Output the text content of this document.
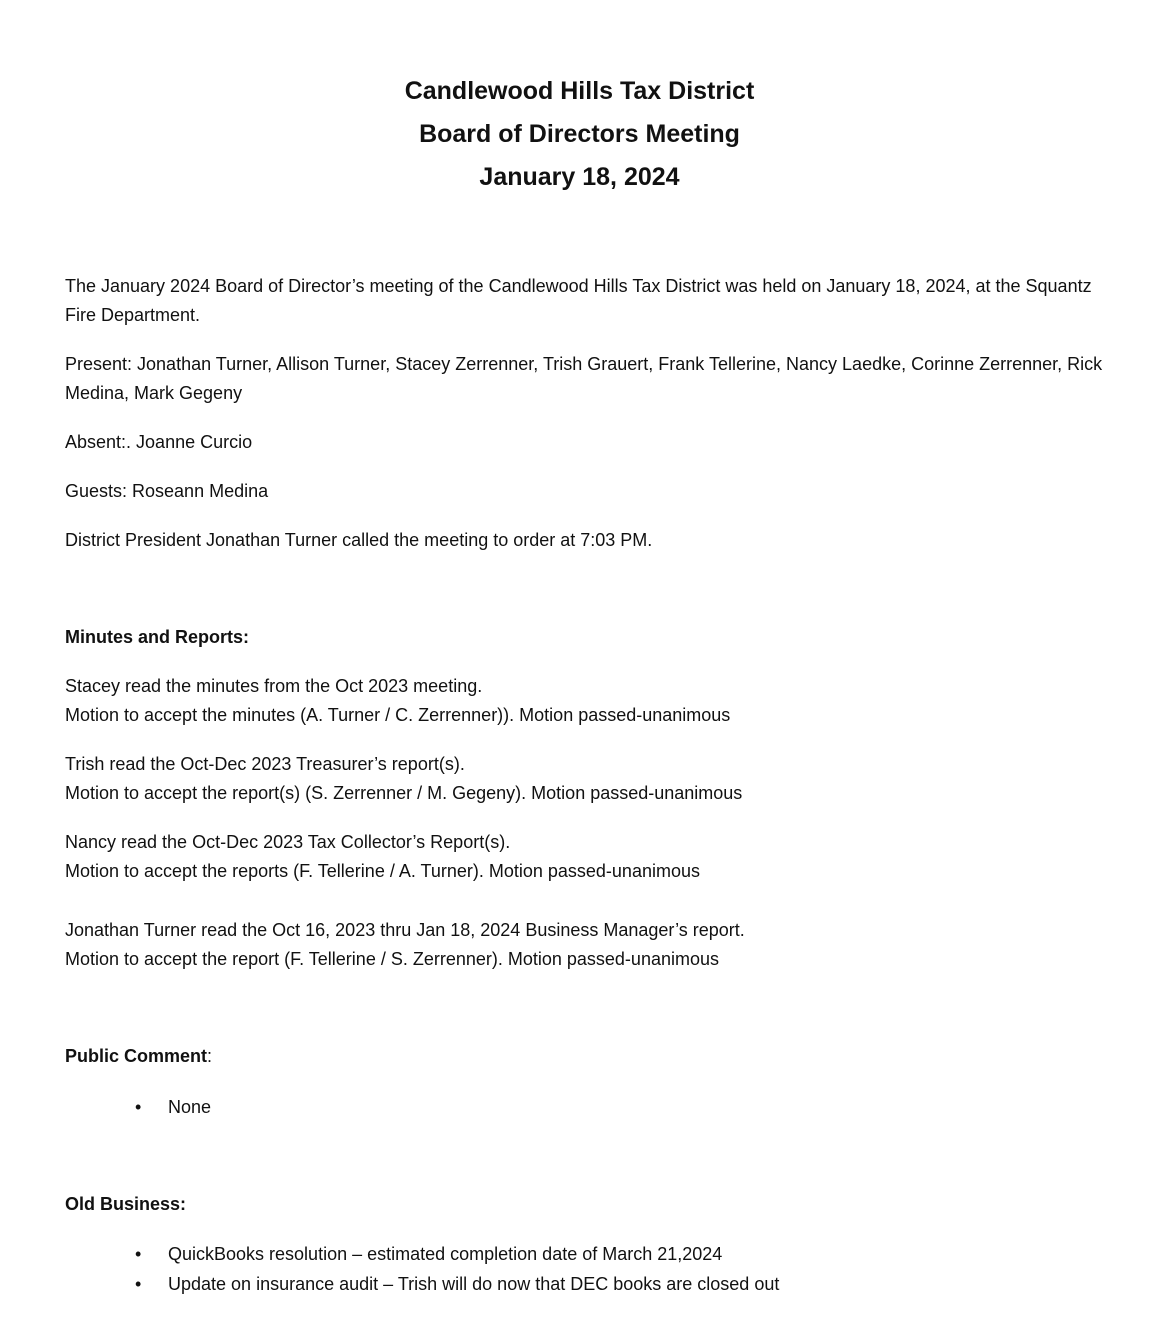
Candlewood Hills Tax District
Board of Directors Meeting
January 18, 2024

The January 2024 Board of Director’s meeting of the Candlewood Hills Tax District was held on January 18, 2024, at the Squantz Fire Department.

Present: Jonathan Turner, Allison Turner, Stacey Zerrenner, Trish Grauert, Frank Tellerine, Nancy Laedke, Corinne Zerrenner, Rick Medina, Mark Gegeny

Absent:. Joanne Curcio

Guests: Roseann Medina

District President Jonathan Turner called the meeting to order at 7:03 PM.

Minutes and Reports:

Stacey read the minutes from the Oct 2023 meeting.

Motion to accept the minutes (A. Turner / C. Zerrenner)). Motion passed-unanimous

Trish read the Oct-Dec 2023 Treasurer’s report(s).

Motion to accept the report(s) (S. Zerrenner / M. Gegeny). Motion passed-unanimous

Nancy read the Oct-Dec 2023 Tax Collector’s Report(s).

Motion to accept the reports (F. Tellerine / A. Turner). Motion passed-unanimous

Jonathan Turner read the Oct 16, 2023 thru Jan 18, 2024 Business Manager’s report.

Motion to accept the report (F. Tellerine / S. Zerrenner). Motion passed-unanimous

Public Comment:

• None

Old Business:

• QuickBooks resolution – estimated completion date of March 21,2024
• Update on insurance audit – Trish will do now that DEC books are closed out
